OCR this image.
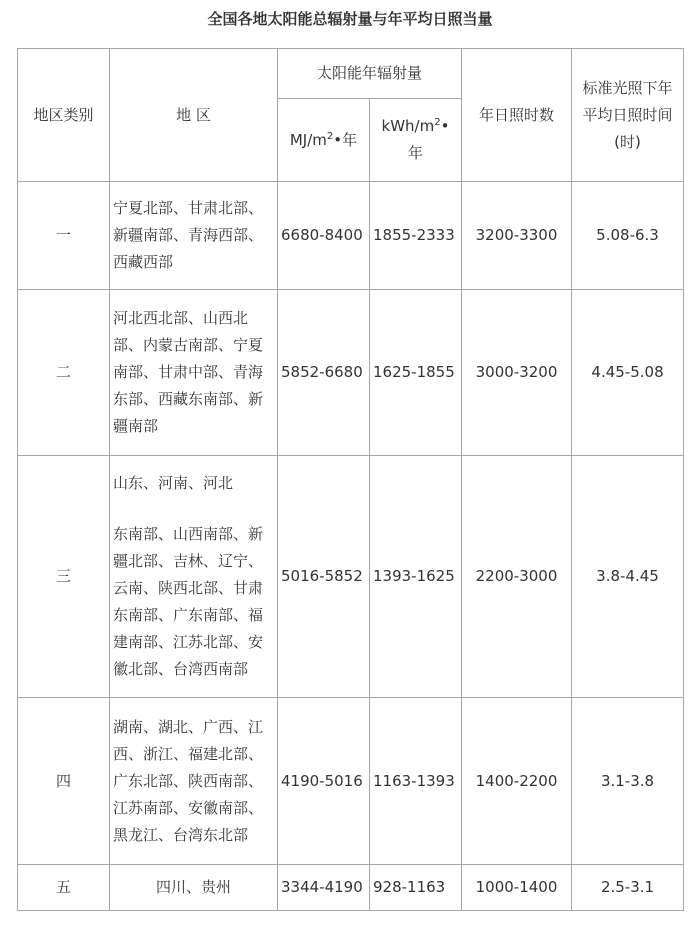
全国各地太阳能总辐射量与年平均日照当量
地区类别	地 区	太阳能年辐射量		年日照时数	标准光照下年
平均日照时间
(时)

		$MJ/m^2•$年	kWh/$m^2•$
年		

一	宁夏北部、甘肃北部、新疆南部、青海西部、西藏西部	6680-8400	1855-2333	3200-3300	5.08-6.3
二	河北西北部、山西北部、内蒙古南部、宁夏南部、甘肃中部、青海东部、西藏东南部、新疆南部	5852-6680	1625-1855	3000-3200	4.45-5.08
三	山东、河南、河北

东南部、山西南部、新疆北部、吉林、辽宁、云南、陕西北部、甘肃东南部、广东南部、福建南部、江苏北部、安徽北部、台湾西南部	5016-5852	1393-1625	2200-3000	3.8-4.45
四	湖南、湖北、广西、江西、浙江、福建北部、广东北部、陕西南部、江苏南部、安徽南部、黑龙江、台湾东北部	4190-5016	1163-1393	1400-2200	3.1-3.8
五	四川、贵州	3344-4190	928-1163	1000-1400	2.5-3.1
